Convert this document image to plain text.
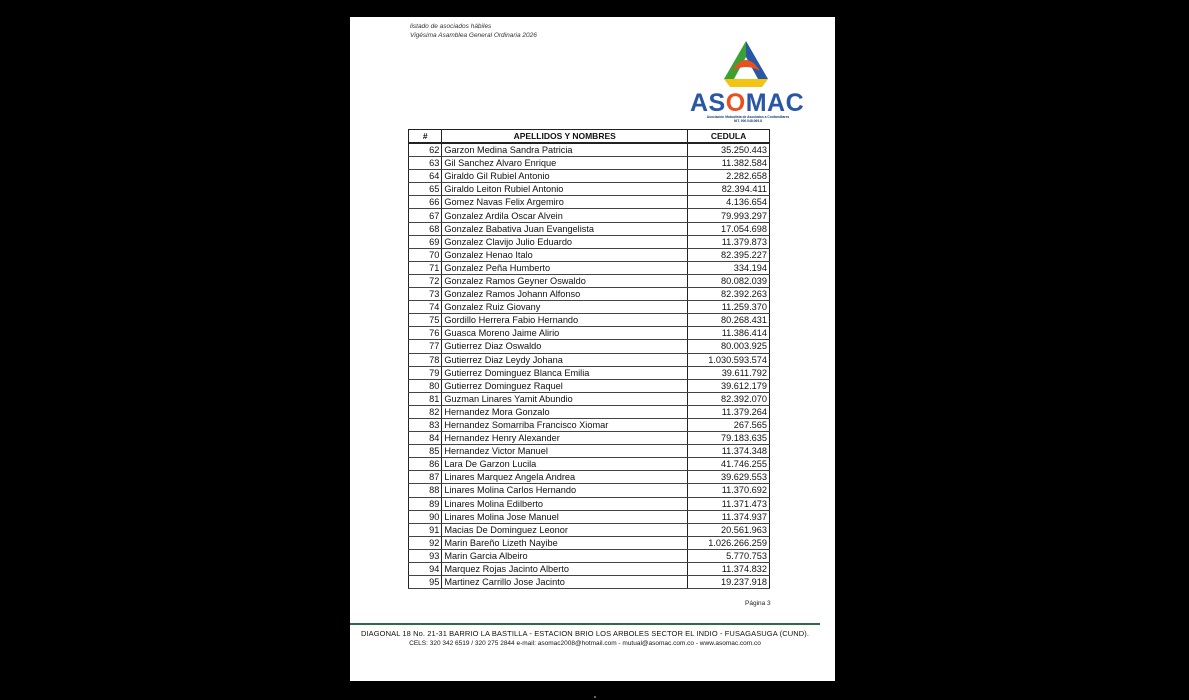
listado de asociados hábiles
Vigésima Asamblea General Ordinaria 2026
ASOMAC
Asociación Mutualista de Asociados a Coofamiliares
NIT. 900.048.069-8
#	APELLIDOS Y NOMBRES	CEDULA
62	Garzon Medina Sandra Patricia	35.250.443
63	Gil Sanchez Alvaro Enrique	11.382.584
64	Giraldo Gil Rubiel Antonio	2.282.658
65	Giraldo Leiton Rubiel Antonio	82.394.411
66	Gomez Navas Felix Argemiro	4.136.654
67	Gonzalez Ardila Oscar Alvein	79.993.297
68	Gonzalez Babativa Juan Evangelista	17.054.698
69	Gonzalez Clavijo Julio Eduardo	11.379.873
70	Gonzalez Henao Italo	82.395.227
71	Gonzalez Peña Humberto	334.194
72	Gonzalez Ramos Geyner Oswaldo	80.082.039
73	Gonzalez Ramos Johann Alfonso	82.392.263
74	Gonzalez Ruiz Giovany	11.259.370
75	Gordillo Herrera Fabio Hernando	80.268.431
76	Guasca Moreno Jaime Alirio	11.386.414
77	Gutierrez Diaz Oswaldo	80.003.925
78	Gutierrez Diaz Leydy Johana	1.030.593.574
79	Gutierrez Dominguez Blanca Emilia	39.611.792
80	Gutierrez Dominguez Raquel	39.612.179
81	Guzman Linares Yamit Abundio	82.392.070
82	Hernandez Mora Gonzalo	11.379.264
83	Hernandez Somarriba Francisco Xiomar	267.565
84	Hernandez Henry Alexander	79.183.635
85	Hernandez Victor Manuel	11.374.348
86	Lara De Garzon Lucila	41.746.255
87	Linares Marquez Angela Andrea	39.629.553
88	Linares Molina Carlos Hernando	11.370.692
89	Linares Molina Edilberto	11.371.473
90	Linares Molina Jose Manuel	11.374.937
91	Macias De Dominguez Leonor	20.561.963
92	Marin Bareño Lizeth Nayibe	1.026.266.259
93	Marin Garcia Albeiro	5.770.753
94	Marquez Rojas Jacinto Alberto	11.374.832
95	Martinez Carrillo Jose Jacinto	19.237.918
Página 3
DIAGONAL 18 No. 21-31 BARRIO LA BASTILLA - ESTACION BRIO LOS ARBOLES SECTOR EL INDIO - FUSAGASUGA (CUND).
CELS: 320 342 6519 / 320 275 2844 e-mail: asomac2008@hotmail.com - mutual@asomac.com.co - www.asomac.com.co
